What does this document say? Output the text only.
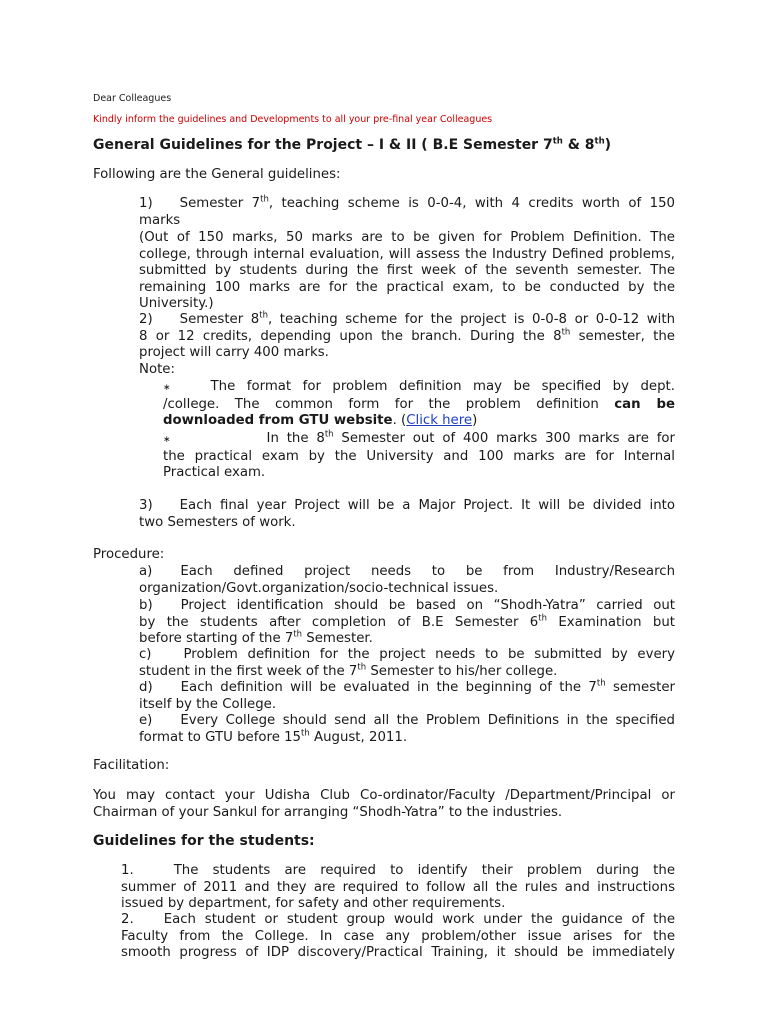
Dear Colleagues
Kindly inform the guidelines and Developments to all your pre-final year Colleagues
General Guidelines for the Project – I & II ( B.E Semester 7th & 8th)
Following are the General guidelines:
1) Semester 7th, teaching scheme is 0-0-4, with 4 credits worth of 150
marks
(Out of 150 marks, 50 marks are to be given for Problem Definition. The college, through internal evaluation, will assess the Industry Defined problems, submitted by students during the first week of the seventh semester. The remaining 100 marks are for the practical exam, to be conducted by the University.)
2) Semester 8th, teaching scheme for the project is 0-0-8 or 0-0-12 with
8 or 12 credits, depending upon the branch. During the 8th semester, the
project will carry 400 marks.
Note:
∗	The format for problem definition may be specified by dept.
/college. The common form for the problem definition can be
downloaded from GTU website. (Click here)
∗	In the 8th Semester out of 400 marks 300 marks are for
the practical exam by the University and 100 marks are for Internal
Practical exam.
3) Each final year Project will be a Major Project. It will be divided into
two Semesters of work.
Procedure:
a) Each defined project needs to be from Industry/Research
organization/Govt.organization/socio-technical issues.
b) Project identification should be based on “Shodh-Yatra” carried out
by the students after completion of B.E Semester 6th Examination but
before starting of the 7th Semester.
c) Problem definition for the project needs to be submitted by every
student in the first week of the 7th Semester to his/her college.
d) Each definition will be evaluated in the beginning of the 7th semester
itself by the College.
e) Every College should send all the Problem Definitions in the specified
format to GTU before 15th August, 2011.
Facilitation:
You may contact your Udisha Club Co-ordinator/Faculty /Department/Principal or
Chairman of your Sankul for arranging “Shodh-Yatra” to the industries.
Guidelines for the students:
1.	The students are required to identify their problem during the
summer of 2011 and they are required to follow all the rules and instructions
issued by department, for safety and other requirements.
2. Each student or student group would work under the guidance of the
Faculty from the College. In case any problem/other issue arises for the
smooth progress of IDP discovery/Practical Training, it should be immediately
